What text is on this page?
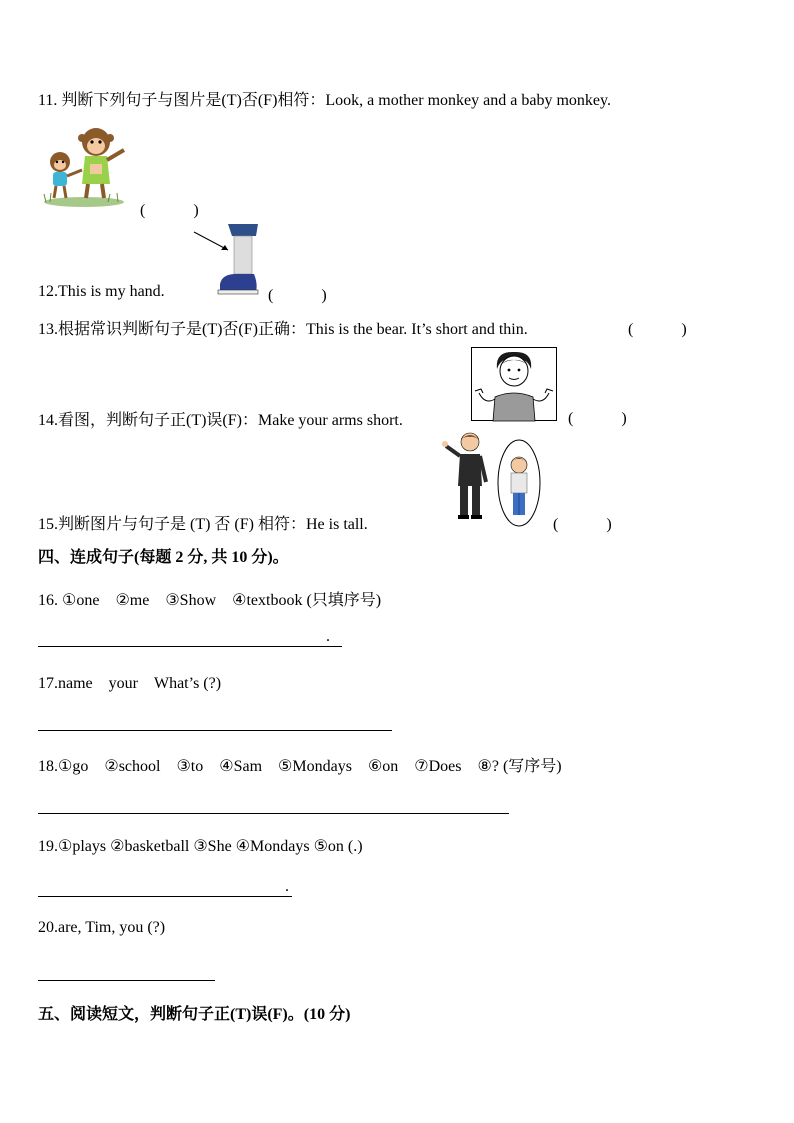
11. 判断下列句子与图片是(T)否(F)相符：Look, a mother monkey and a baby monkey.
(　　　)
12.This is my hand.	(　　　)
13.根据常识判断句子是(T)否(F)正确：This is the bear. It’s short and thin.	(　　　)
14.看图，判断句子正(T)误(F)：Make your arms short.	(　　　)
15.判断图片与句子是 (T) 否 (F) 相符：He is tall.	(　　　)
四、连成句子(每题 2 分, 共 10 分)。
16. ①one　②me　③Show　④textbook (只填序号)
.
17.name　your　What’s (?)
18.①go　②school　③to　④Sam　⑤Mondays　⑥on　⑦Does　⑧? (写序号)
19.①plays ②basketball ③She ④Mondays ⑤on (.)
.
20.are, Tim, you (?)
五、阅读短文，判断句子正(T)误(F)。(10 分)
